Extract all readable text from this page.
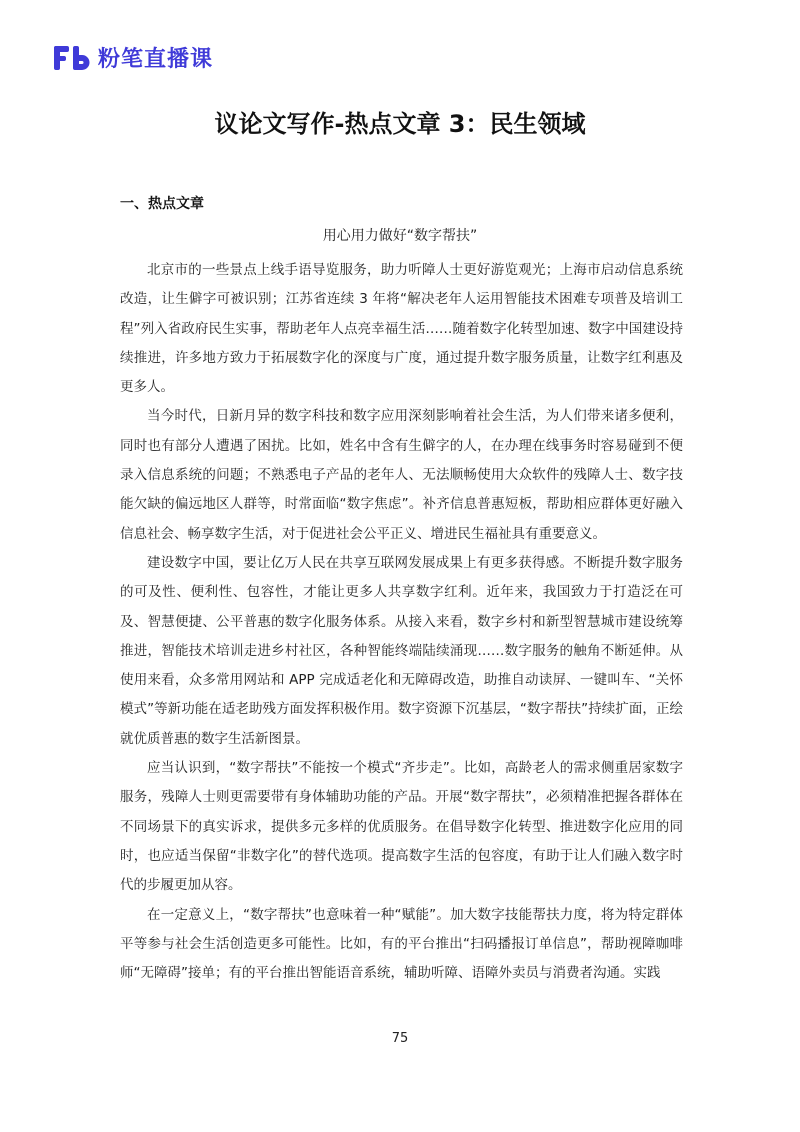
粉笔直播课
议论文写作-热点文章 3：民生领域
一、热点文章
用心用力做好“数字帮扶”

北京市的一些景点上线手语导览服务，助力听障人士更好游览观光；上海市启动信息系统改造，让生僻字可被识别；江苏省连续 3 年将“解决老年人运用智能技术困难专项普及培训工程”列入省政府民生实事，帮助老年人点亮幸福生活……随着数字化转型加速、数字中国建设持续推进，许多地方致力于拓展数字化的深度与广度，通过提升数字服务质量，让数字红利惠及更多人。

当今时代，日新月异的数字科技和数字应用深刻影响着社会生活，为人们带来诸多便利，同时也有部分人遭遇了困扰。比如，姓名中含有生僻字的人，在办理在线事务时容易碰到不便录入信息系统的问题；不熟悉电子产品的老年人、无法顺畅使用大众软件的残障人士、数字技能欠缺的偏远地区人群等，时常面临“数字焦虑”。补齐信息普惠短板，帮助相应群体更好融入信息社会、畅享数字生活，对于促进社会公平正义、增进民生福祉具有重要意义。

建设数字中国，要让亿万人民在共享互联网发展成果上有更多获得感。不断提升数字服务的可及性、便利性、包容性，才能让更多人共享数字红利。近年来，我国致力于打造泛在可及、智慧便捷、公平普惠的数字化服务体系。从接入来看，数字乡村和新型智慧城市建设统筹推进，智能技术培训走进乡村社区，各种智能终端陆续涌现……数字服务的触角不断延伸。从使用来看，众多常用网站和 APP 完成适老化和无障碍改造，助推自动读屏、一键叫车、“关怀模式”等新功能在适老助残方面发挥积极作用。数字资源下沉基层，“数字帮扶”持续扩面，正绘就优质普惠的数字生活新图景。

应当认识到，“数字帮扶”不能按一个模式“齐步走”。比如，高龄老人的需求侧重居家数字服务，残障人士则更需要带有身体辅助功能的产品。开展“数字帮扶”，必须精准把握各群体在不同场景下的真实诉求，提供多元多样的优质服务。在倡导数字化转型、推进数字化应用的同时，也应适当保留“非数字化”的替代选项。提高数字生活的包容度，有助于让人们融入数字时代的步履更加从容。

在一定意义上，“数字帮扶”也意味着一种“赋能”。加大数字技能帮扶力度，将为特定群体平等参与社会生活创造更多可能性。比如，有的平台推出“扫码播报订单信息”，帮助视障咖啡师“无障碍”接单；有的平台推出智能语音系统，辅助听障、语障外卖员与消费者沟通。实践

75
